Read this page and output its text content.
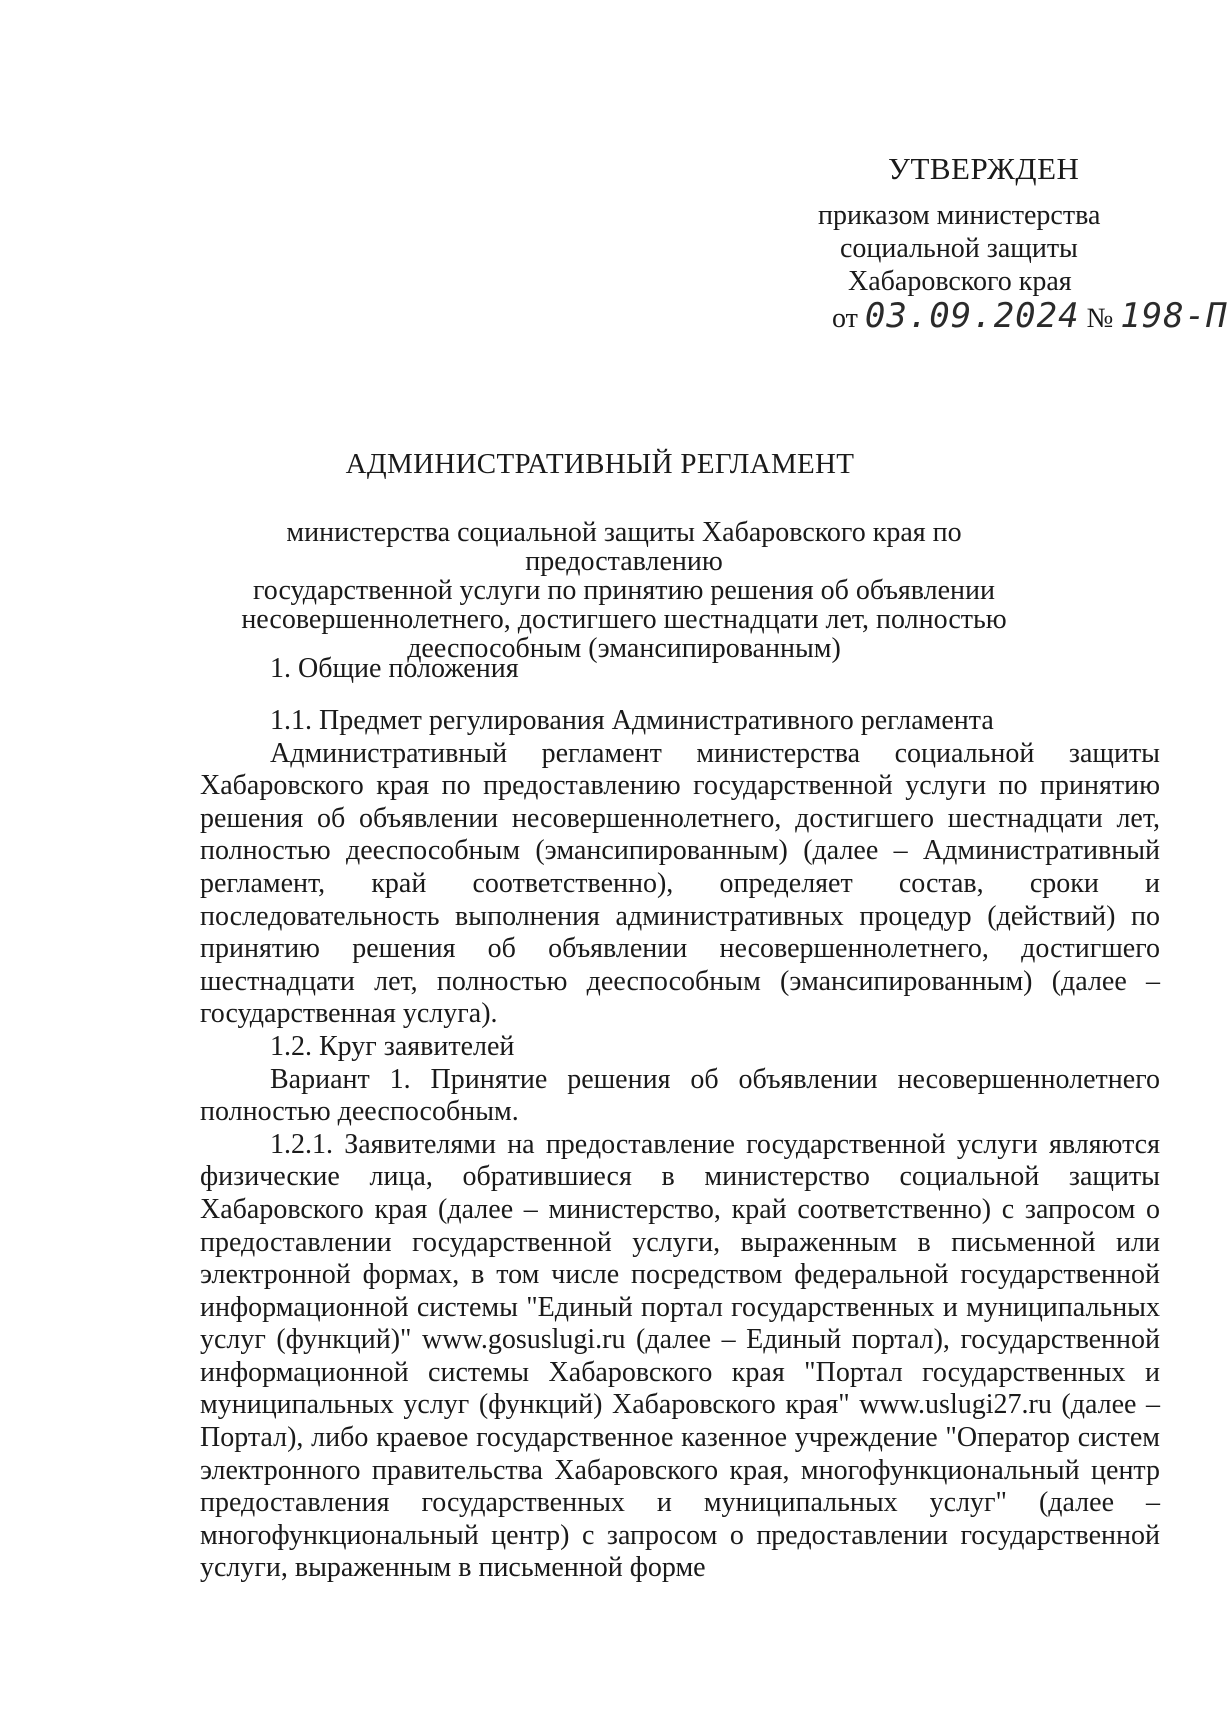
УТВЕРЖДЕН
приказом министерства
социальной защиты
Хабаровского края
от 03.09.2024 № 198-П
АДМИНИСТРАТИВНЫЙ РЕГЛАМЕНТ
министерства социальной защиты Хабаровского края по предоставлению
государственной услуги по принятию решения об объявлении
несовершеннолетнего, достигшего шестнадцати лет, полностью
дееспособным (эмансипированным)
1. Общие положения

1.1. Предмет регулирования Административного регламента

Административный регламент министерства социальной защиты Хабаровского края по предоставлению государственной услуги по принятию решения об объявлении несовершеннолетнего, достигшего шестнадцати лет, полностью дееспособным (эмансипированным) (далее – Административный регламент, край соответственно), определяет состав, сроки и последовательность выполнения административных процедур (действий) по принятию решения об объявлении несовершеннолетнего, достигшего шестнадцати лет, полностью дееспособным (эмансипированным) (далее – государственная услуга).

1.2. Круг заявителей

Вариант 1. Принятие решения об объявлении несовершеннолетнего полностью дееспособным.

1.2.1. Заявителями на предоставление государственной услуги являются физические лица, обратившиеся в министерство социальной защиты Хабаровского края (далее – министерство, край соответственно) с запросом о предоставлении государственной услуги, выраженным в письменной или электронной формах, в том числе посредством федеральной государственной информационной системы "Единый портал государственных и муниципальных услуг (функций)" www.gosuslugi.ru (далее – Единый портал), государственной информационной системы Хабаровского края "Портал государственных и муниципальных услуг (функций) Хабаровского края" www.uslugi27.ru (далее – Портал), либо краевое государственное казенное учреждение "Оператор систем электронного правительства Хабаровского края, многофункциональный центр предоставления государственных и муниципальных услуг" (далее – многофункциональный центр) с запросом о предоставлении государственной услуги, выраженным в письменной форме
